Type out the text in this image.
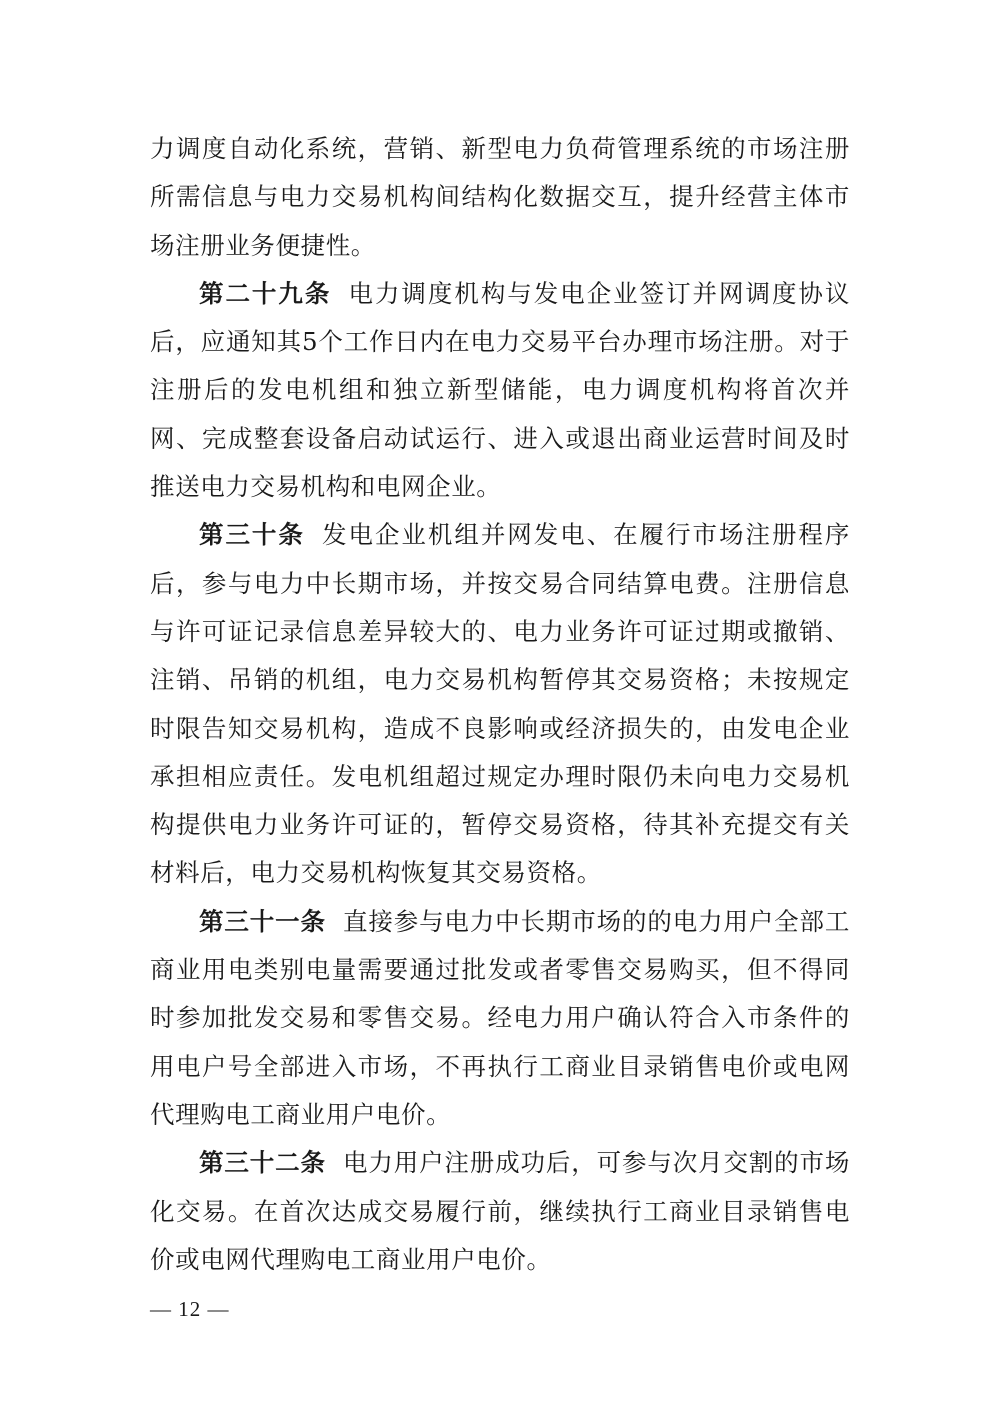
力调度自动化系统，营销、新型电力负荷管理系统的市场注册所需信息与电力交易机构间结构化数据交互，提升经营主体市场注册业务便捷性。

第二十九条 电力调度机构与发电企业签订并网调度协议后，应通知其5个工作日内在电力交易平台办理市场注册。对于注册后的发电机组和独立新型储能，电力调度机构将首次并网、完成整套设备启动试运行、进入或退出商业运营时间及时推送电力交易机构和电网企业。

第三十条 发电企业机组并网发电、在履行市场注册程序后，参与电力中长期市场，并按交易合同结算电费。注册信息与许可证记录信息差异较大的、电力业务许可证过期或撤销、注销、吊销的机组，电力交易机构暂停其交易资格；未按规定时限告知交易机构，造成不良影响或经济损失的，由发电企业承担相应责任。发电机组超过规定办理时限仍未向电力交易机构提供电力业务许可证的，暂停交易资格，待其补充提交有关材料后，电力交易机构恢复其交易资格。

第三十一条 直接参与电力中长期市场的的电力用户全部工商业用电类别电量需要通过批发或者零售交易购买，但不得同时参加批发交易和零售交易。经电力用户确认符合入市条件的用电户号全部进入市场，不再执行工商业目录销售电价或电网代理购电工商业用户电价。

第三十二条 电力用户注册成功后，可参与次月交割的市场化交易。在首次达成交易履行前，继续执行工商业目录销售电价或电网代理购电工商业用户电价。

— 12 —
